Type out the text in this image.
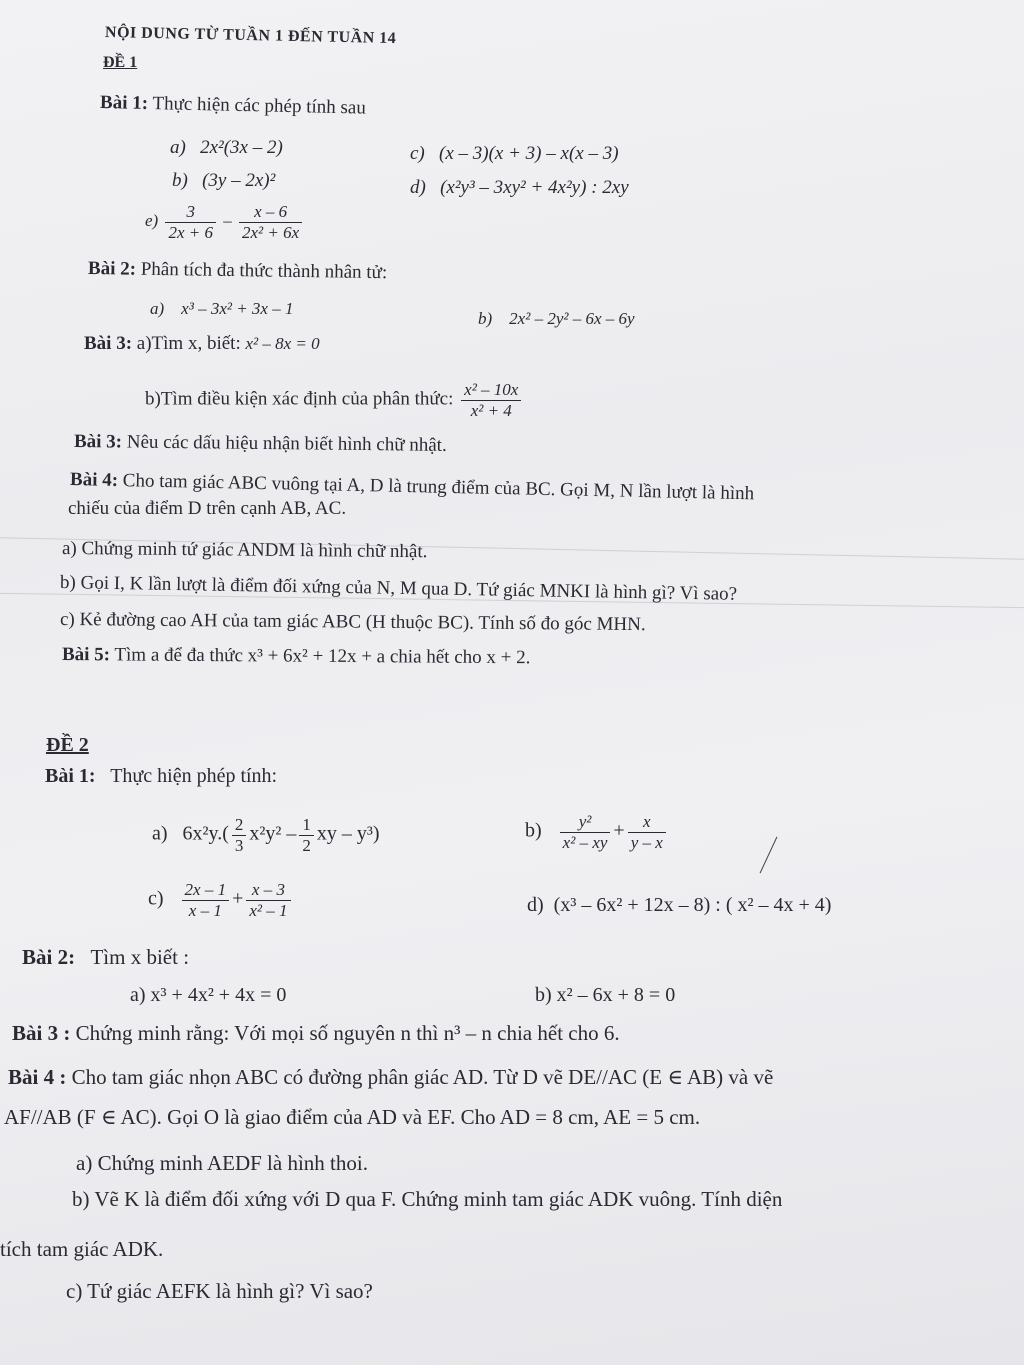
NỘI DUNG TỪ TUẦN 1 ĐẾN TUẦN 14
ĐỀ 1
Bài 1: Thực hiện các phép tính sau
a) 2x²(3x – 2)	c) (x – 3)(x + 3) – x(x – 3)
b) (3y – 2x)²	d) (x²y³ – 3xy² + 4x²y) : 2xy
$e) \frac{3}{2x + 6} - \frac{x - 6}{\text{2x² + 6x}}$
Bài 2: Phân tích đa thức thành nhân tử:
a) x³ – 3x² + 3x – 1
b) 2x² – 2y² – 6x – 6y
Bài 3: a)Tìm x, biết: x² – 8x = 0
b)Tìm điều kiện xác định của phân thức: $\frac{\text{x² – 10x}}{\text{x² + 4}}$
Bài 3: Nêu các dấu hiệu nhận biết hình chữ nhật.
Bài 4: Cho tam giác ABC vuông tại A, D là trung điểm của BC. Gọi M, N lần lượt là hình
chiếu của điểm D trên cạnh AB, AC.
a) Chứng minh tứ giác ANDM là hình chữ nhật.
b) Gọi I, K lần lượt là điểm đối xứng của N, M qua D. Tứ giác MNKI là hình gì? Vì sao?
c) Kẻ đường cao AH của tam giác ABC (H thuộc BC). Tính số đo góc MHN.
Bài 5: Tìm a để đa thức x³ + 6x² + 12x + a chia hết cho x + 2.
ĐỀ 2
Bài 1: Thực hiện phép tính:
a) $6x^2y.( \frac{2}{3} x^2y^2 - \frac{1}{2}$ xy – y³)	$b) \frac{\text{y²}}{\text{x² – xy}} + \frac{x}{y - x}$
$c) \frac{2x - 1}{x - 1} + \frac{x - 3}{\text{x² – 1}}$	d) (x³ – 6x² + 12x – 8) : ( x² – 4x + 4)
Bài 2: Tìm x biết :
a) x³ + 4x² + 4x = 0	b) x² – 6x + 8 = 0
Bài 3 : Chứng minh rằng: Với mọi số nguyên n thì n³ – n chia hết cho 6.
Bài 4 : Cho tam giác nhọn ABC có đường phân giác AD. Từ D vẽ DE//AC (E ∈ AB) và vẽ
AF//AB (F ∈ AC). Gọi O là giao điểm của AD và EF. Cho AD = 8 cm, AE = 5 cm.
a) Chứng minh AEDF là hình thoi.
b) Vẽ K là điểm đối xứng với D qua F. Chứng minh tam giác ADK vuông. Tính diện
tích tam giác ADK.
c) Tứ giác AEFK là hình gì? Vì sao?
